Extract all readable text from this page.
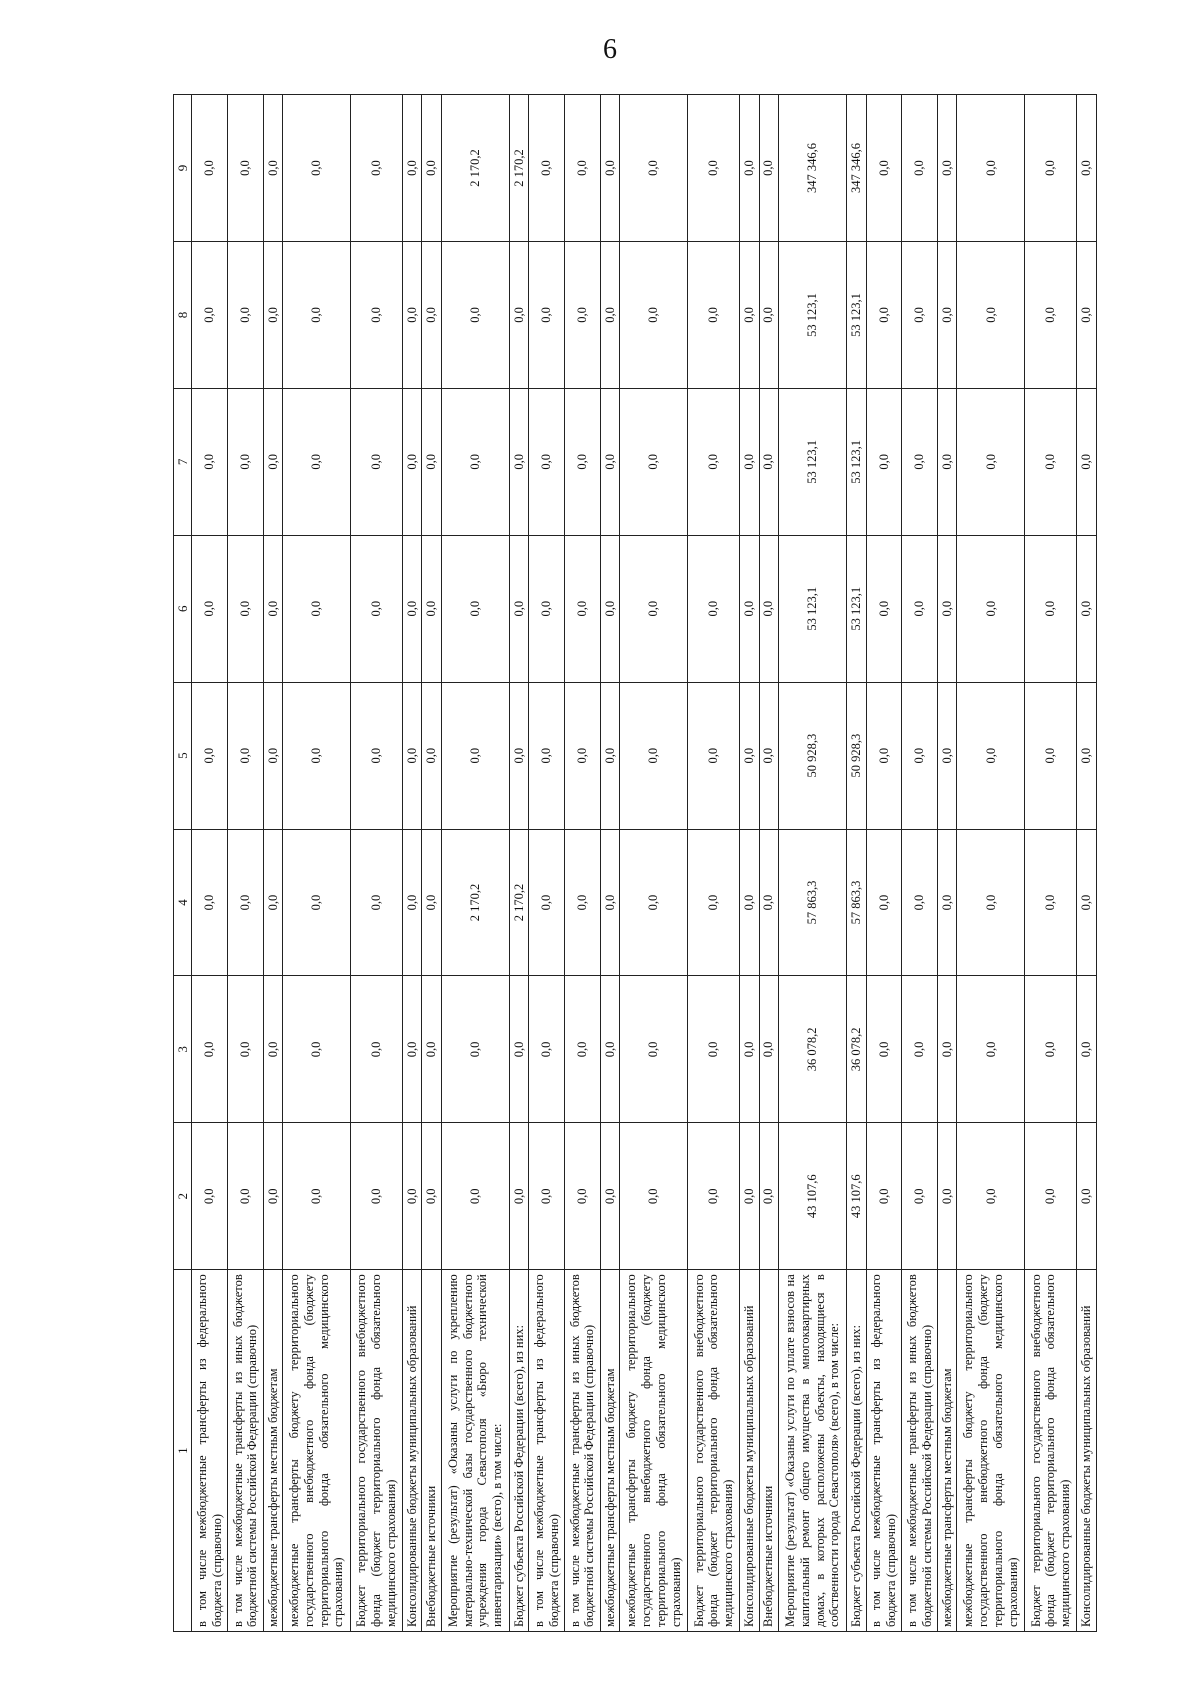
6
1	2	3	4	5	6	7	8	9
в том числе межбюджетные трансферты из федерального бюджета (справочно)	0,0	0,0	0,0	0,0	0,0	0,0	0,0	0,0
в том числе межбюджетные трансферты из иных бюджетов бюджетной системы Российской Федерации (справочно)	0,0	0,0	0,0	0,0	0,0	0,0	0,0	0,0
межбюджетные трансферты местным бюджетам	0,0	0,0	0,0	0,0	0,0	0,0	0,0	0,0
межбюджетные трансферты бюджету территориального государственного внебюджетного фонда (бюджету территориального фонда обязательного медицинского страхования)	0,0	0,0	0,0	0,0	0,0	0,0	0,0	0,0
Бюджет территориального государственного внебюджетного фонда (бюджет территориального фонда обязательного медицинского страхования)	0,0	0,0	0,0	0,0	0,0	0,0	0,0	0,0
Консолидированные бюджеты муниципальных образований	0,0	0,0	0,0	0,0	0,0	0,0	0,0	0,0
Внебюджетные источники	0,0	0,0	0,0	0,0	0,0	0,0	0,0	0,0
Мероприятие (результат) «Оказаны услуги по укреплению материально-технической базы государственного бюджетного учреждения города Севастополя «Бюро технической инвентаризации» (всего), в том числе:	0,0	0,0	2 170,2	0,0	0,0	0,0	0,0	2 170,2
Бюджет субъекта Российской Федерации (всего), из них:	0,0	0,0	2 170,2	0,0	0,0	0,0	0,0	2 170,2
в том числе межбюджетные трансферты из федерального бюджета (справочно)	0,0	0,0	0,0	0,0	0,0	0,0	0,0	0,0
в том числе межбюджетные трансферты из иных бюджетов бюджетной системы Российской Федерации (справочно)	0,0	0,0	0,0	0,0	0,0	0,0	0,0	0,0
межбюджетные трансферты местным бюджетам	0,0	0,0	0,0	0,0	0,0	0,0	0,0	0,0
межбюджетные трансферты бюджету территориального государственного внебюджетного фонда (бюджету территориального фонда обязательного медицинского страхования)	0,0	0,0	0,0	0,0	0,0	0,0	0,0	0,0
Бюджет территориального государственного внебюджетного фонда (бюджет территориального фонда обязательного медицинского страхования)	0,0	0,0	0,0	0,0	0,0	0,0	0,0	0,0
Консолидированные бюджеты муниципальных образований	0,0	0,0	0,0	0,0	0,0	0,0	0,0	0,0
Внебюджетные источники	0,0	0,0	0,0	0,0	0,0	0,0	0,0	0,0
Мероприятие (результат) «Оказаны услуги по уплате взносов на капитальный ремонт общего имущества в многоквартирных домах, в которых расположены объекты, находящиеся в собственности города Севастополя» (всего), в том числе:	43 107,6	36 078,2	57 863,3	50 928,3	53 123,1	53 123,1	53 123,1	347 346,6
Бюджет субъекта Российской Федерации (всего), из них:	43 107,6	36 078,2	57 863,3	50 928,3	53 123,1	53 123,1	53 123,1	347 346,6
в том числе межбюджетные трансферты из федерального бюджета (справочно)	0,0	0,0	0,0	0,0	0,0	0,0	0,0	0,0
в том числе межбюджетные трансферты из иных бюджетов бюджетной системы Российской Федерации (справочно)	0,0	0,0	0,0	0,0	0,0	0,0	0,0	0,0
межбюджетные трансферты местным бюджетам	0,0	0,0	0,0	0,0	0,0	0,0	0,0	0,0
межбюджетные трансферты бюджету территориального государственного внебюджетного фонда (бюджету территориального фонда обязательного медицинского страхования)	0,0	0,0	0,0	0,0	0,0	0,0	0,0	0,0
Бюджет территориального государственного внебюджетного фонда (бюджет территориального фонда обязательного медицинского страхования)	0,0	0,0	0,0	0,0	0,0	0,0	0,0	0,0
Консолидированные бюджеты муниципальных образований	0,0	0,0	0,0	0,0	0,0	0,0	0,0	0,0
